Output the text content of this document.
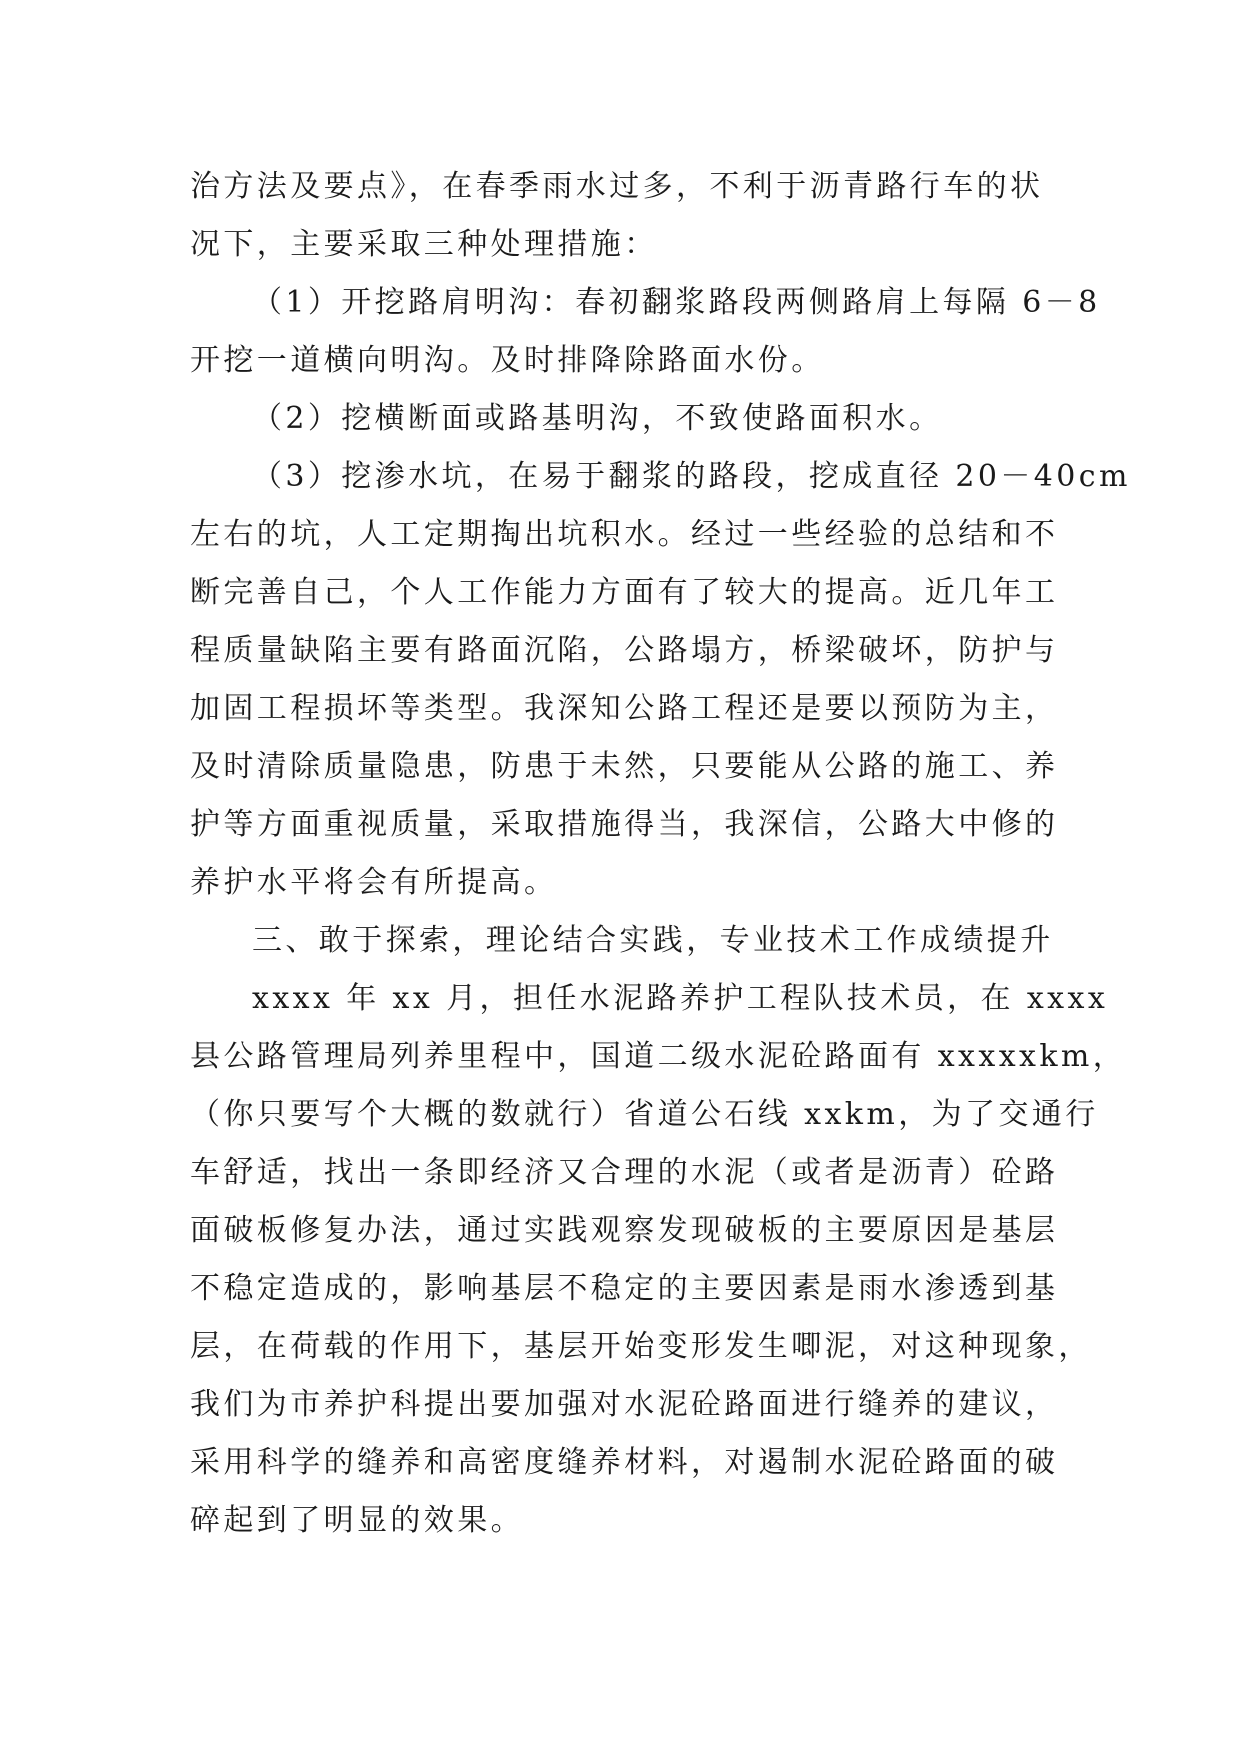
治方法及要点》，在春季雨水过多，不利于沥青路行车的状
况下，主要采取三种处理措施：
（1）开挖路肩明沟：春初翻浆路段两侧路肩上每隔 6－8
开挖一道横向明沟。及时排降除路面水份。
（2）挖横断面或路基明沟，不致使路面积水。
（3）挖渗水坑，在易于翻浆的路段，挖成直径 20－40cm
左右的坑，人工定期掏出坑积水。经过一些经验的总结和不
断完善自己，个人工作能力方面有了较大的提高。近几年工
程质量缺陷主要有路面沉陷，公路塌方，桥梁破坏，防护与
加固工程损坏等类型。我深知公路工程还是要以预防为主，
及时清除质量隐患，防患于未然，只要能从公路的施工、养
护等方面重视质量，采取措施得当，我深信，公路大中修的
养护水平将会有所提高。
三、敢于探索，理论结合实践，专业技术工作成绩提升
xxxx 年 xx 月，担任水泥路养护工程队技术员，在 xxxx
县公路管理局列养里程中，国道二级水泥砼路面有 xxxxxkm，
（你只要写个大概的数就行）省道公石线 xxkm，为了交通行
车舒适，找出一条即经济又合理的水泥（或者是沥青）砼路
面破板修复办法，通过实践观察发现破板的主要原因是基层
不稳定造成的，影响基层不稳定的主要因素是雨水渗透到基
层，在荷载的作用下，基层开始变形发生唧泥，对这种现象，
我们为市养护科提出要加强对水泥砼路面进行缝养的建议，
采用科学的缝养和高密度缝养材料，对遏制水泥砼路面的破
碎起到了明显的效果。
